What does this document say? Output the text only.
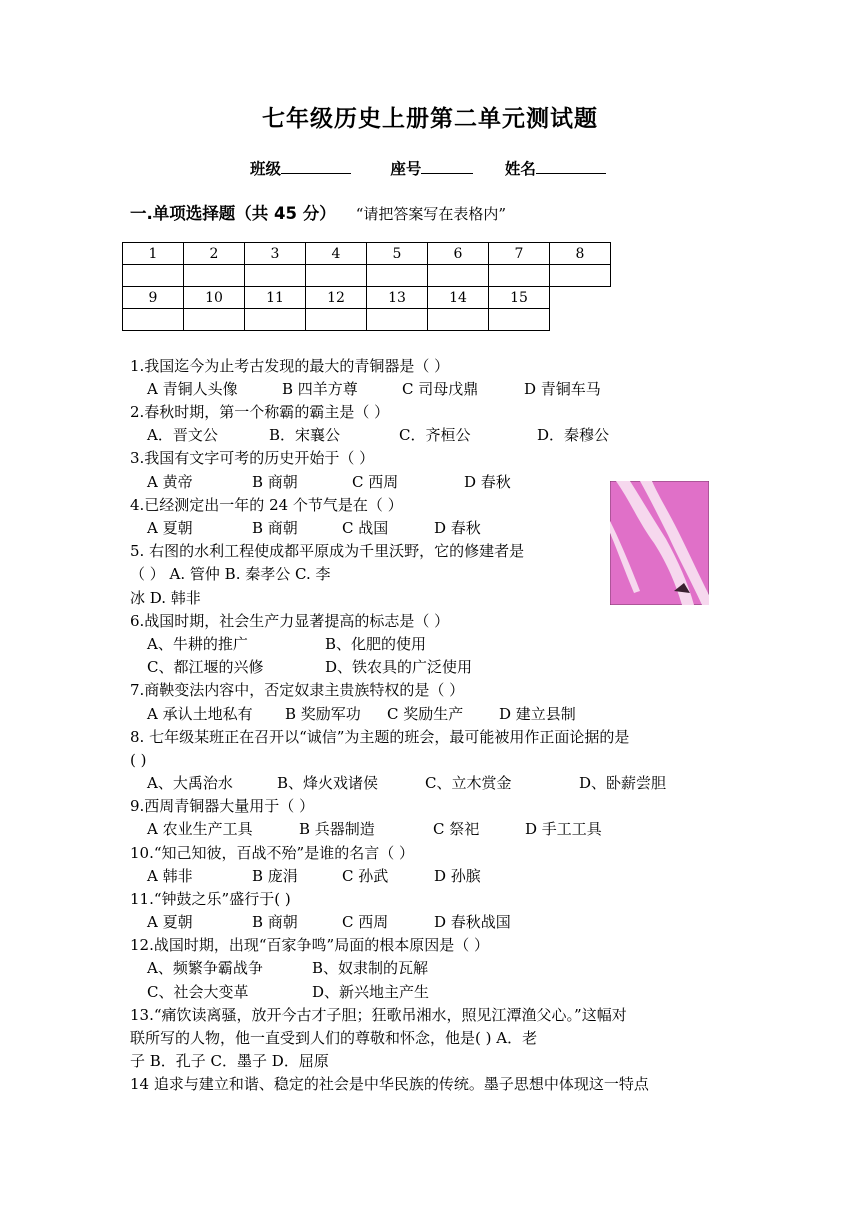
七年级历史上册第二单元测试题
班级	座号	姓名
一.单项选择题（共 45 分） “请把答案写在表格内”
1	2	3	4	5	6	7	8

9	10	11	12	13	14	15	

1.我国迄今为止考古发现的最大的青铜器是（ ）
A 青铜人头像	B 四羊方尊	C 司母戊鼎	D 青铜车马
2.春秋时期，第一个称霸的霸主是（ ）
A．晋文公	B．宋襄公	C．齐桓公	D．秦穆公
3.我国有文字可考的历史开始于（ ）
A 黄帝	B 商朝	C 西周	D 春秋
4.已经测定出一年的 24 个节气是在（ ）
A 夏朝	B 商朝	C 战国	D 春秋
5. 右图的水利工程使成都平原成为千里沃野，它的修建者是
（ ） A. 管仲 B. 秦孝公 C. 李
冰 D. 韩非
6.战国时期，社会生产力显著提高的标志是（ ）
A、牛耕的推广	B、化肥的使用
C、都江堰的兴修	D、铁农具的广泛使用
7.商鞅变法内容中，否定奴隶主贵族特权的是（ ）
A 承认土地私有 B 奖励军功 C 奖励生产 D 建立县制
8. 七年级某班正在召开以“诚信”为主题的班会，最可能被用作正面论据的是
( )
A、大禹治水	B、烽火戏诸侯	C、立木赏金	D、卧薪尝胆
9.西周青铜器大量用于（ ）
A 农业生产工具	B 兵器制造	C 祭祀	D 手工工具
10.“知己知彼，百战不殆”是谁的名言（ ）
A 韩非	B 庞涓	C 孙武	D 孙膑
11.“钟鼓之乐”盛行于( )
A 夏朝	B 商朝	C 西周	D 春秋战国
12.战国时期，出现“百家争鸣”局面的根本原因是（ ）
A、频繁争霸战争	B、奴隶制的瓦解
C、社会大变革	D、新兴地主产生
13.“痛饮读离骚，放开今古才子胆；狂歌吊湘水，照见江潭渔父心。”这幅对
联所写的人物，他一直受到人们的尊敬和怀念，他是( ) A．老
子 B．孔子 C．墨子 D．屈原
14 追求与建立和谐、稳定的社会是中华民族的传统。墨子思想中体现这一特点
